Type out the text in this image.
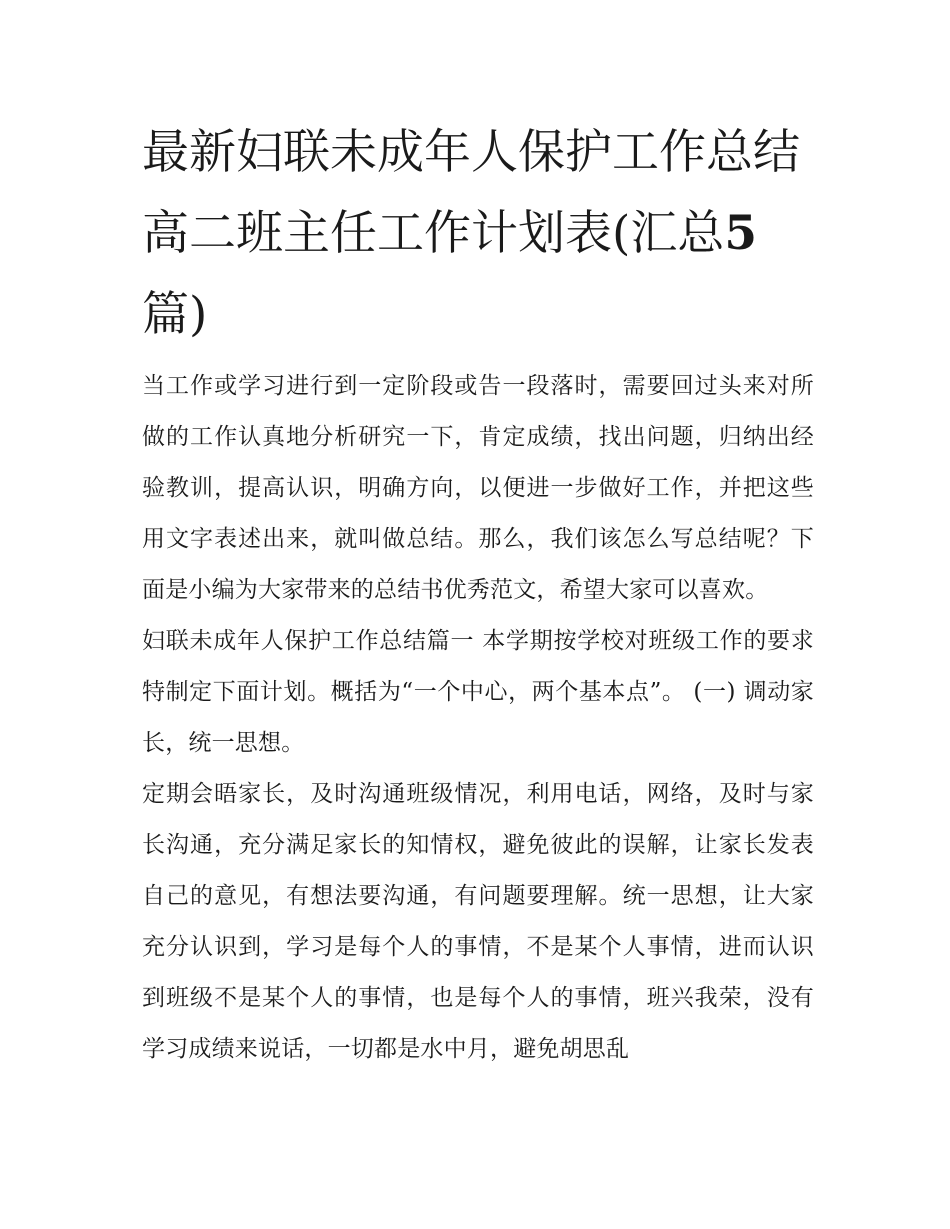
最新妇联未成年人保护工作总结 高二班主任工作计划表(汇总5篇)

当工作或学习进行到一定阶段或告一段落时，需要回过头来对所做的工作认真地分析研究一下，肯定成绩，找出问题，归纳出经验教训，提高认识，明确方向，以便进一步做好工作，并把这些用文字表述出来，就叫做总结。那么，我们该怎么写总结呢？下面是小编为大家带来的总结书优秀范文，希望大家可以喜欢。

妇联未成年人保护工作总结篇一 本学期按学校对班级工作的要求特制定下面计划。概括为“一个中心，两个基本点”。 (一) 调动家长，统一思想。

定期会晤家长，及时沟通班级情况，利用电话，网络，及时与家长沟通，充分满足家长的知情权，避免彼此的误解，让家长发表自己的意见，有想法要沟通，有问题要理解。统一思想，让大家充分认识到，学习是每个人的事情，不是某个人事情，进而认识到班级不是某个人的事情，也是每个人的事情，班兴我荣，没有学习成绩来说话，一切都是水中月，避免胡思乱
